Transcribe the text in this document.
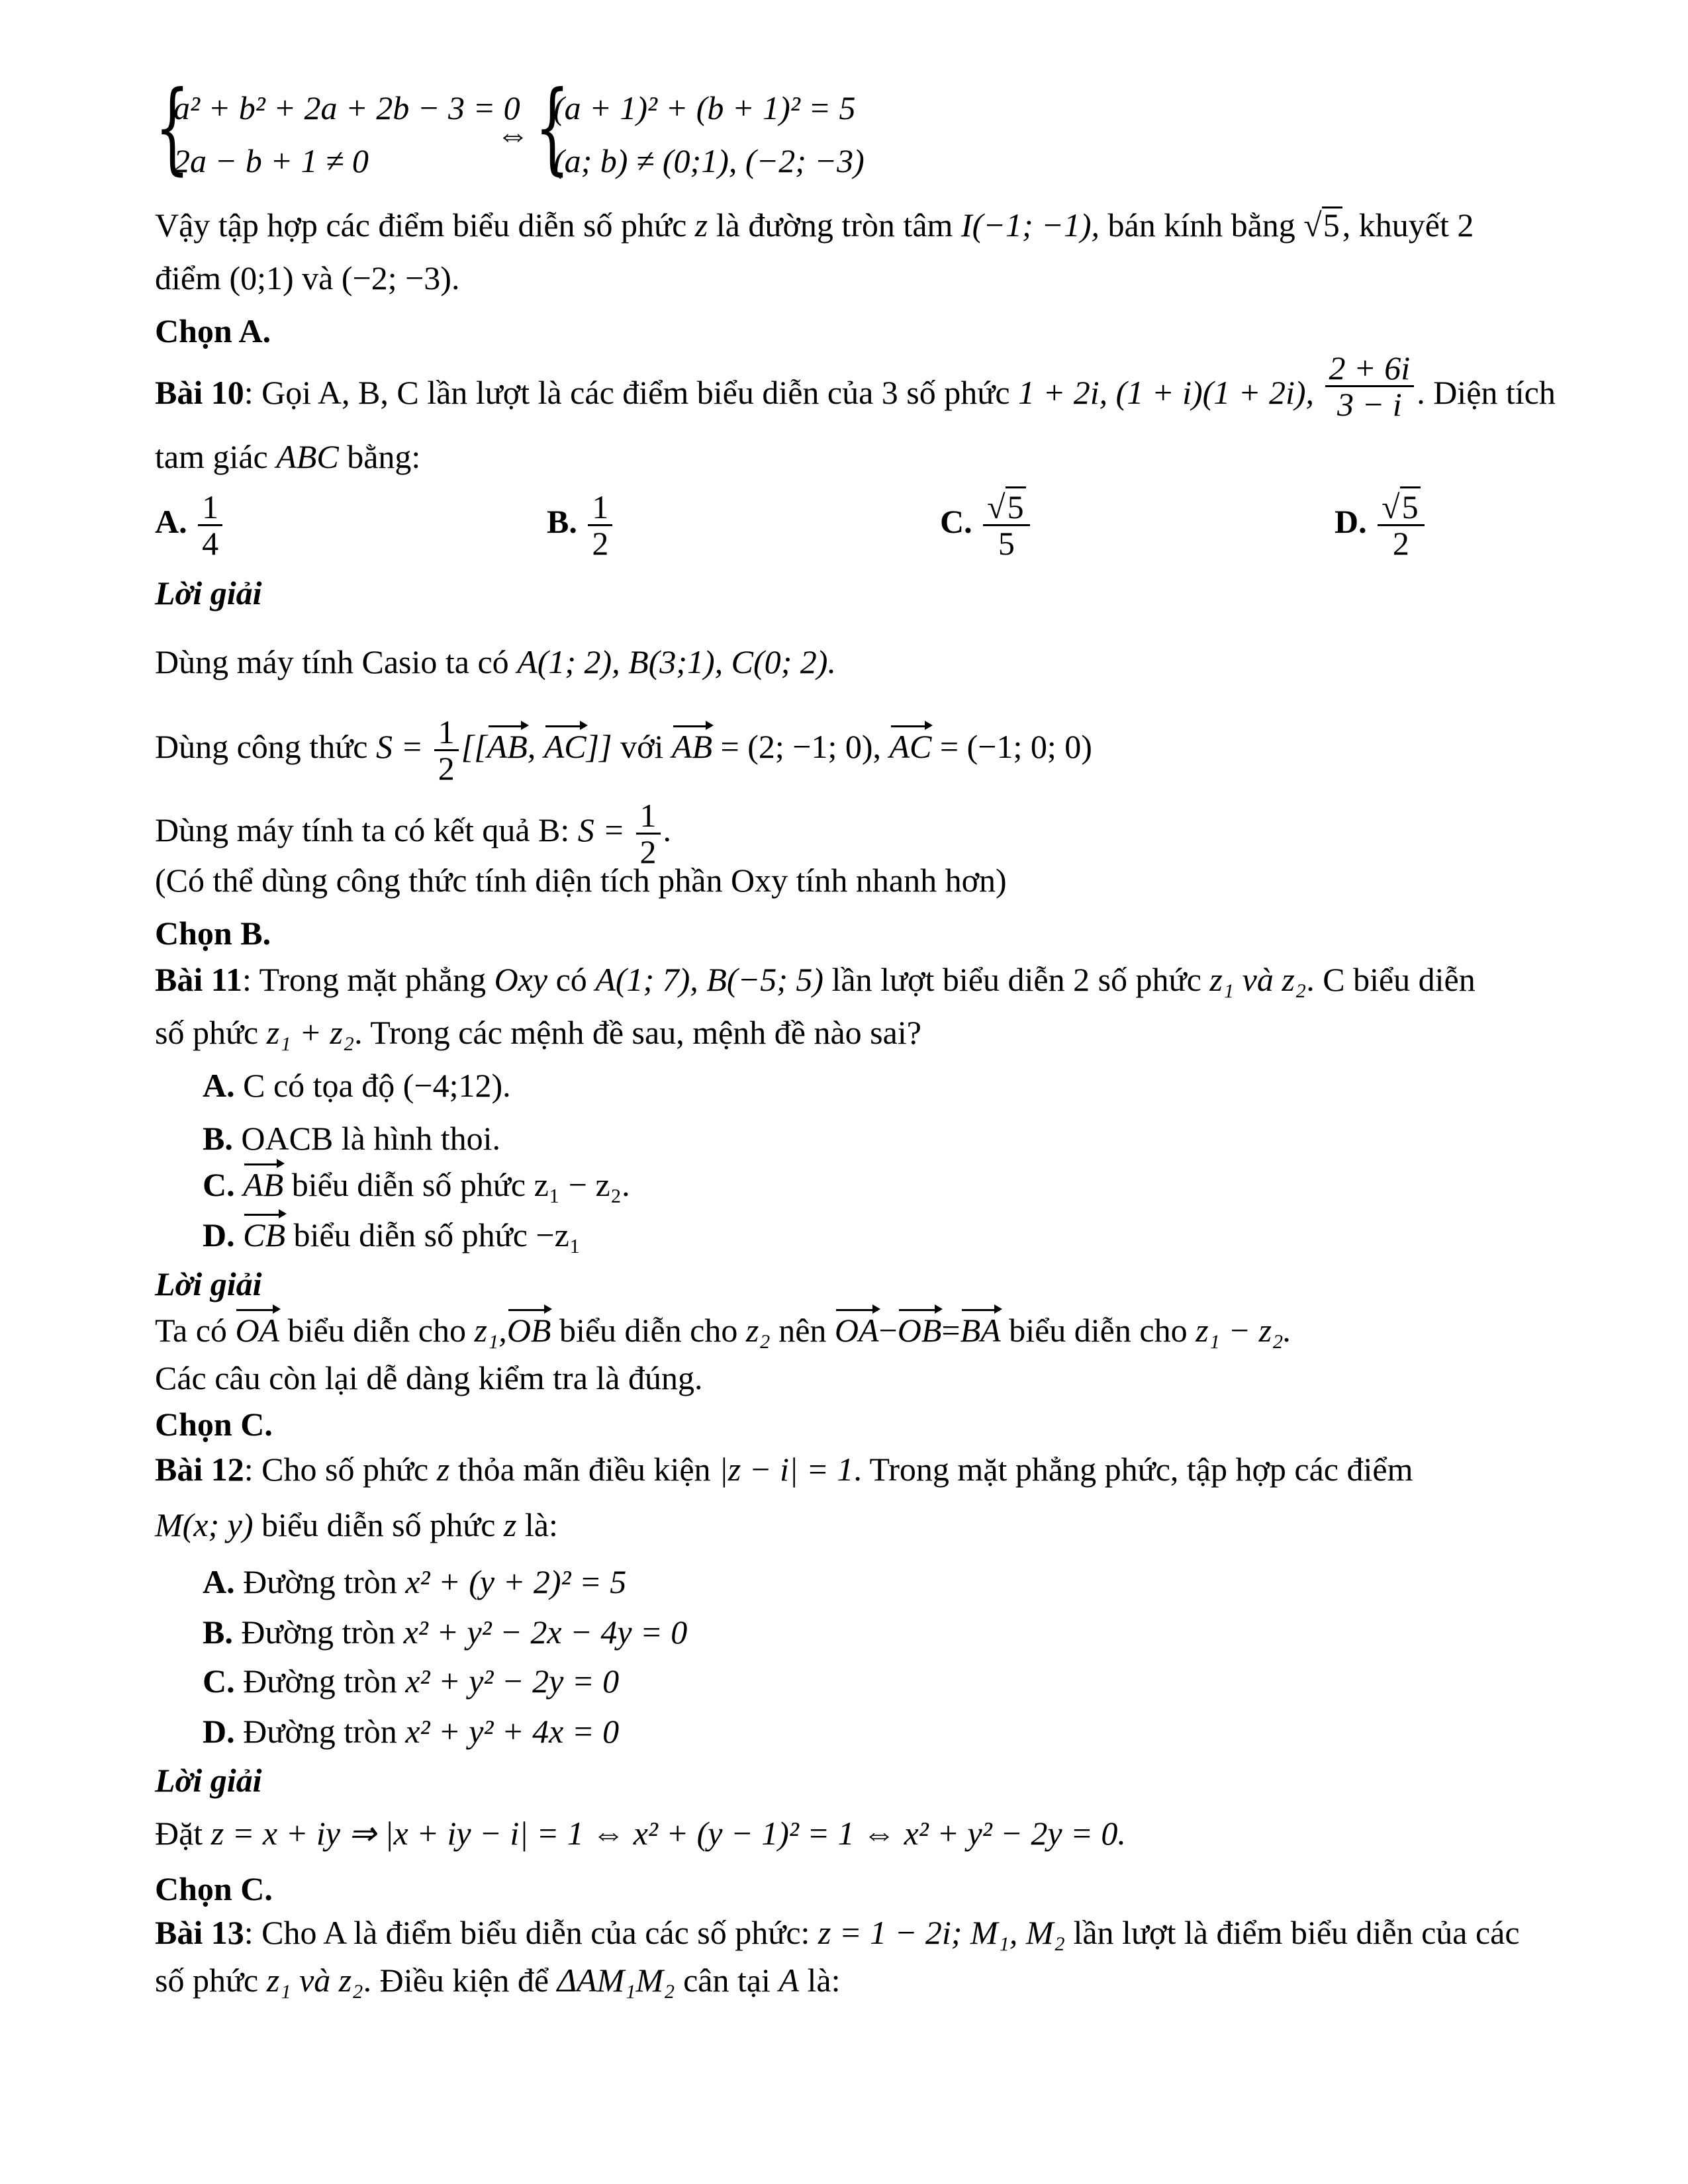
{
a² + b² + 2a + 2b − 3 = 0
2a − b + 1 ≠ 0
⇔ {
(a + 1)² + (b + 1)² = 5
(a; b) ≠ (0;1), (−2; −3)
Vậy tập hợp các điểm biểu diễn số phức z là đường tròn tâm I(−1; −1), bán kính bằng √5, khuyết 2
điểm (0;1) và (−2; −3).
Chọn A.
Bài 10: Gọi A, B, C lần lượt là các điểm biểu diễn của 3 số phức 1 + 2i, (1 + i)(1 + 2i), $\frac{2 + 6i}{3 - i}$ . Diện tích
tam giác ABC bằng:
A. $\frac{1}{4}$	B. $\frac{1}{2}$	C. $\frac{√5}{5}$	D. $\frac{√5}{2}$
Lời giải
Dùng máy tính Casio ta có A(1; 2), B(3;1), C(0; 2).
Dùng công thức $S = \frac{1}{2} [[AB$, AC]] với AB = (2; −1; 0), AC = (−1; 0; 0)
Dùng máy tính ta có kết quả B: $S = \frac{1}{2}$ .
(Có thể dùng công thức tính diện tích phần Oxy tính nhanh hơn)
Chọn B.
Bài 11: Trong mặt phẳng Oxy có A(1; 7), B(−5; 5) lần lượt biểu diễn 2 số phức z₁ và z₂. C biểu diễn
số phức z₁ + z₂. Trong các mệnh đề sau, mệnh đề nào sai?
A. C có tọa độ (−4;12).
B. OACB là hình thoi.
C. AB biểu diễn số phức z₁ − z₂.
D. CB biểu diễn số phức −z₁
Lời giải
Ta có OA biểu diễn cho z₁,OB biểu diễn cho z₂ nên OA−OB=BA biểu diễn cho z₁ − z₂.
Các câu còn lại dễ dàng kiểm tra là đúng.
Chọn C.
Bài 12: Cho số phức z thỏa mãn điều kiện |z − i| = 1. Trong mặt phẳng phức, tập hợp các điểm
M(x; y) biểu diễn số phức z là:
A. Đường tròn x² + (y + 2)² = 5
B. Đường tròn x² + y² − 2x − 4y = 0
C. Đường tròn x² + y² − 2y = 0
D. Đường tròn x² + y² + 4x = 0
Lời giải
Đặt z = x + iy ⇒ |x + iy − i| = 1 ⇔ x² + (y − 1)² = 1 ⇔ x² + y² − 2y = 0.
Chọn C.
Bài 13: Cho A là điểm biểu diễn của các số phức: z = 1 − 2i; M₁, M₂ lần lượt là điểm biểu diễn của các
số phức z₁ và z₂. Điều kiện để ΔAM₁M₂ cân tại A là:
